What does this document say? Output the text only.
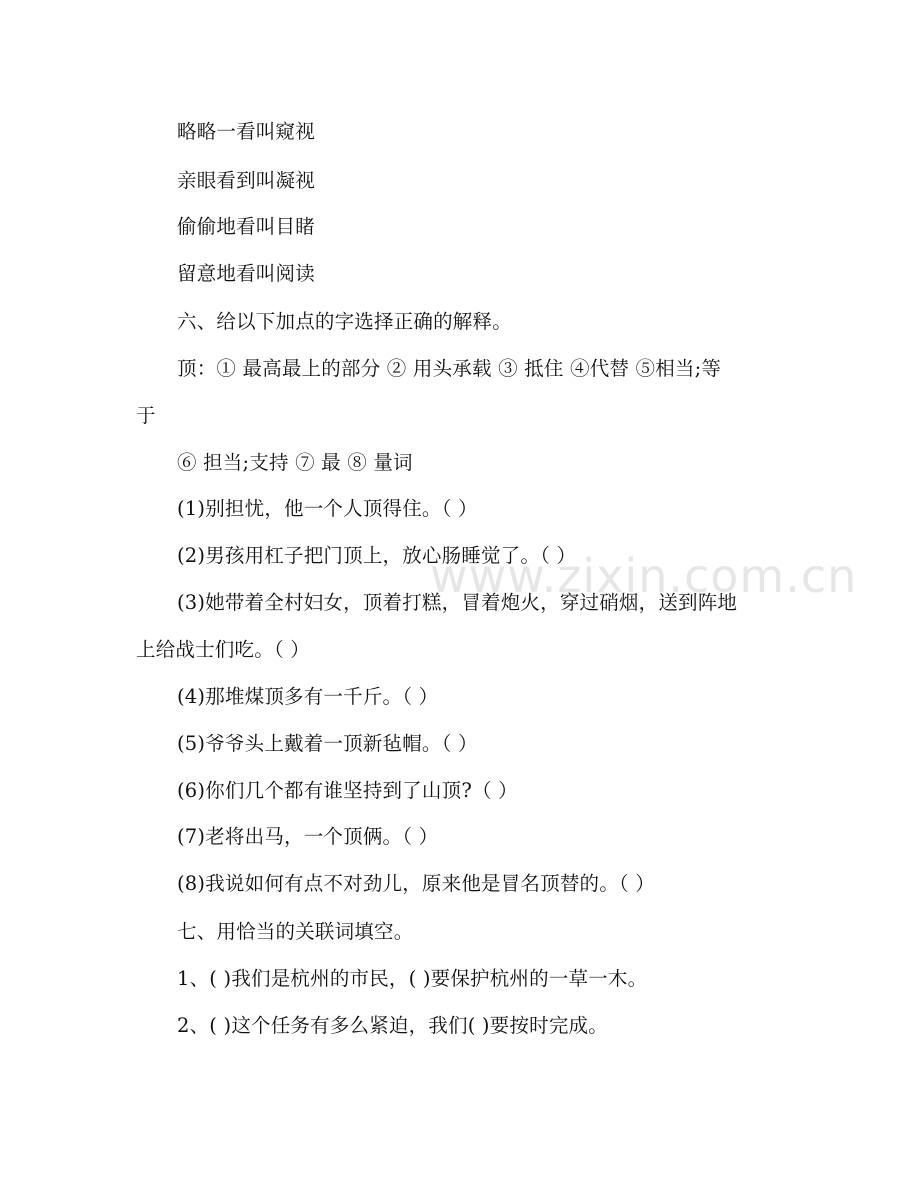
www.zixin.com.cn
略略一看叫窥视
亲眼看到叫凝视
偷偷地看叫目睹
留意地看叫阅读
六、给以下加点的字选择正确的解释。
顶：① 最高最上的部分 ② 用头承载 ③ 抵住 ④代替 ⑤相当;等
于
⑥ 担当;支持 ⑦ 最 ⑧ 量词
(1)别担忧，他一个人顶得住。（ ）
(2)男孩用杠子把门顶上，放心肠睡觉了。（ ）
(3)她带着全村妇女，顶着打糕，冒着炮火，穿过硝烟，送到阵地
上给战士们吃。（ ）
(4)那堆煤顶多有一千斤。（ ）
(5)爷爷头上戴着一顶新毡帽。（ ）
(6)你们几个都有谁坚持到了山顶?（ ）
(7)老将出马，一个顶俩。（ ）
(8)我说如何有点不对劲儿，原来他是冒名顶替的。（ ）
七、用恰当的关联词填空。
1、( )我们是杭州的市民，( )要保护杭州的一草一木。
2、( )这个任务有多么紧迫，我们( )要按时完成。
